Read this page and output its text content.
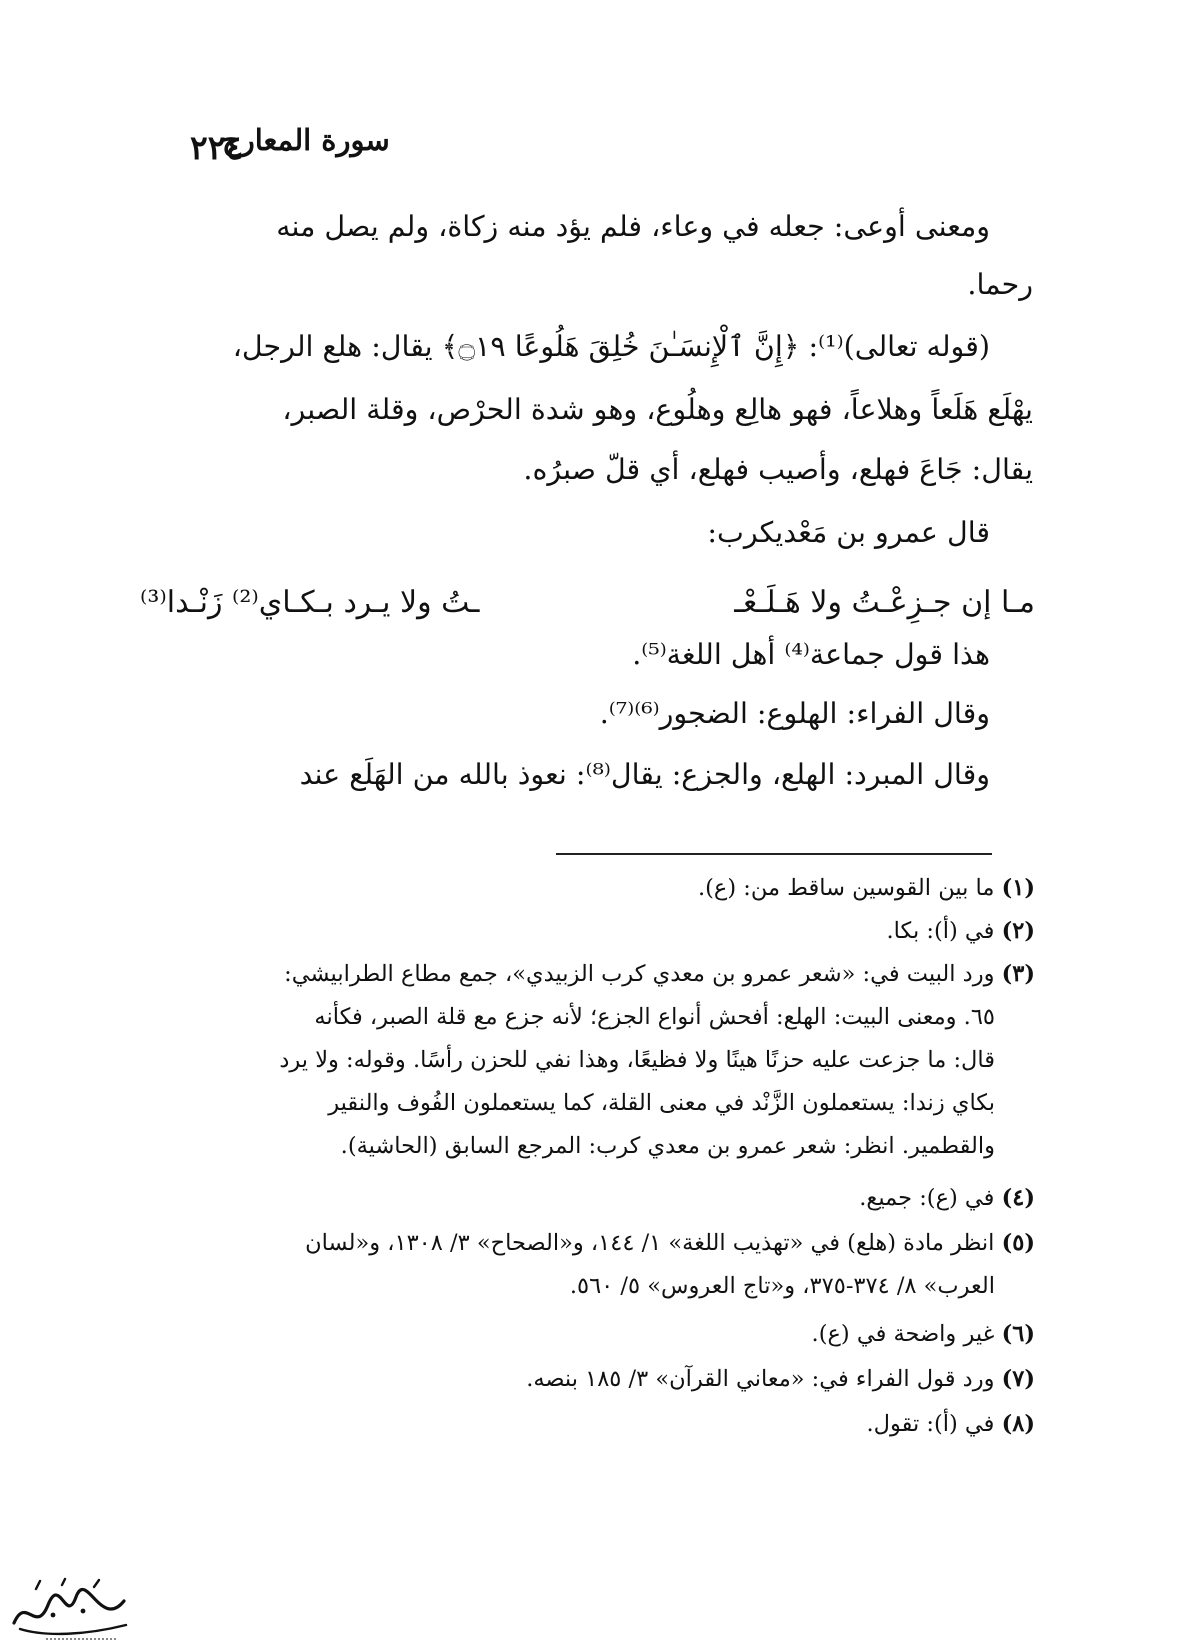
٢٢٤
سورة المعارج
ومعنى أوعى: جعله في وعاء، فلم يؤد منه زكاة، ولم يصل منه
رحما.
(قوله تعالى)⁽¹⁾: ﴿إِنَّ ٱلْإِنسَـٰنَ خُلِقَ هَلُوعًا ۝١٩﴾ يقال: هلع الرجل،
يهْلَع هَلَعاً وهلاعاً، فهو هالِع وهلُوع، وهو شدة الحرْص، وقلة الصبر،
يقال: جَاعَ فهلع، وأصيب فهلع، أي قلّ صبرُه.
قال عمرو بن مَعْديكرب:
مـا إن جـزِعْـتُ ولا هَـلَـعْـ
ـتُ ولا يـرد بـكـاي⁽²⁾ زَنْـدا⁽³⁾
هذا قول جماعة⁽⁴⁾ أهل اللغة⁽⁵⁾.
وقال الفراء: الهلوع: الضجور⁽⁶⁾⁽⁷⁾.
وقال المبرد: الهلع، والجزع: يقال⁽⁸⁾: نعوذ بالله من الهَلَع عند
(١) ما بين القوسين ساقط من: (ع).
(٢) في (أ): بكا.
(٣) ورد البيت في: «شعر عمرو بن معدي كرب الزبيدي»، جمع مطاع الطرابيشي:
٦٥. ومعنى البيت: الهلع: أفحش أنواع الجزع؛ لأنه جزع مع قلة الصبر، فكأنه
قال: ما جزعت عليه حزنًا هينًا ولا فظيعًا، وهذا نفي للحزن رأسًا. وقوله: ولا يرد
بكاي زندا: يستعملون الزَّنْد في معنى القلة، كما يستعملون الفُوف والنقير
والقطمير. انظر: شعر عمرو بن معدي كرب: المرجع السابق (الحاشية).
(٤) في (ع): جميع.
(٥) انظر مادة (هلع) في «تهذيب اللغة» ١/ ١٤٤، و«الصحاح» ٣/ ١٣٠٨، و«لسان
العرب» ٨/ ٣٧٤-٣٧٥، و«تاج العروس» ٥/ ٥٦٠.
(٦) غير واضحة في (ع).
(٧) ورد قول الفراء في: «معاني القرآن» ٣/ ١٨٥ بنصه.
(٨) في (أ): تقول.
